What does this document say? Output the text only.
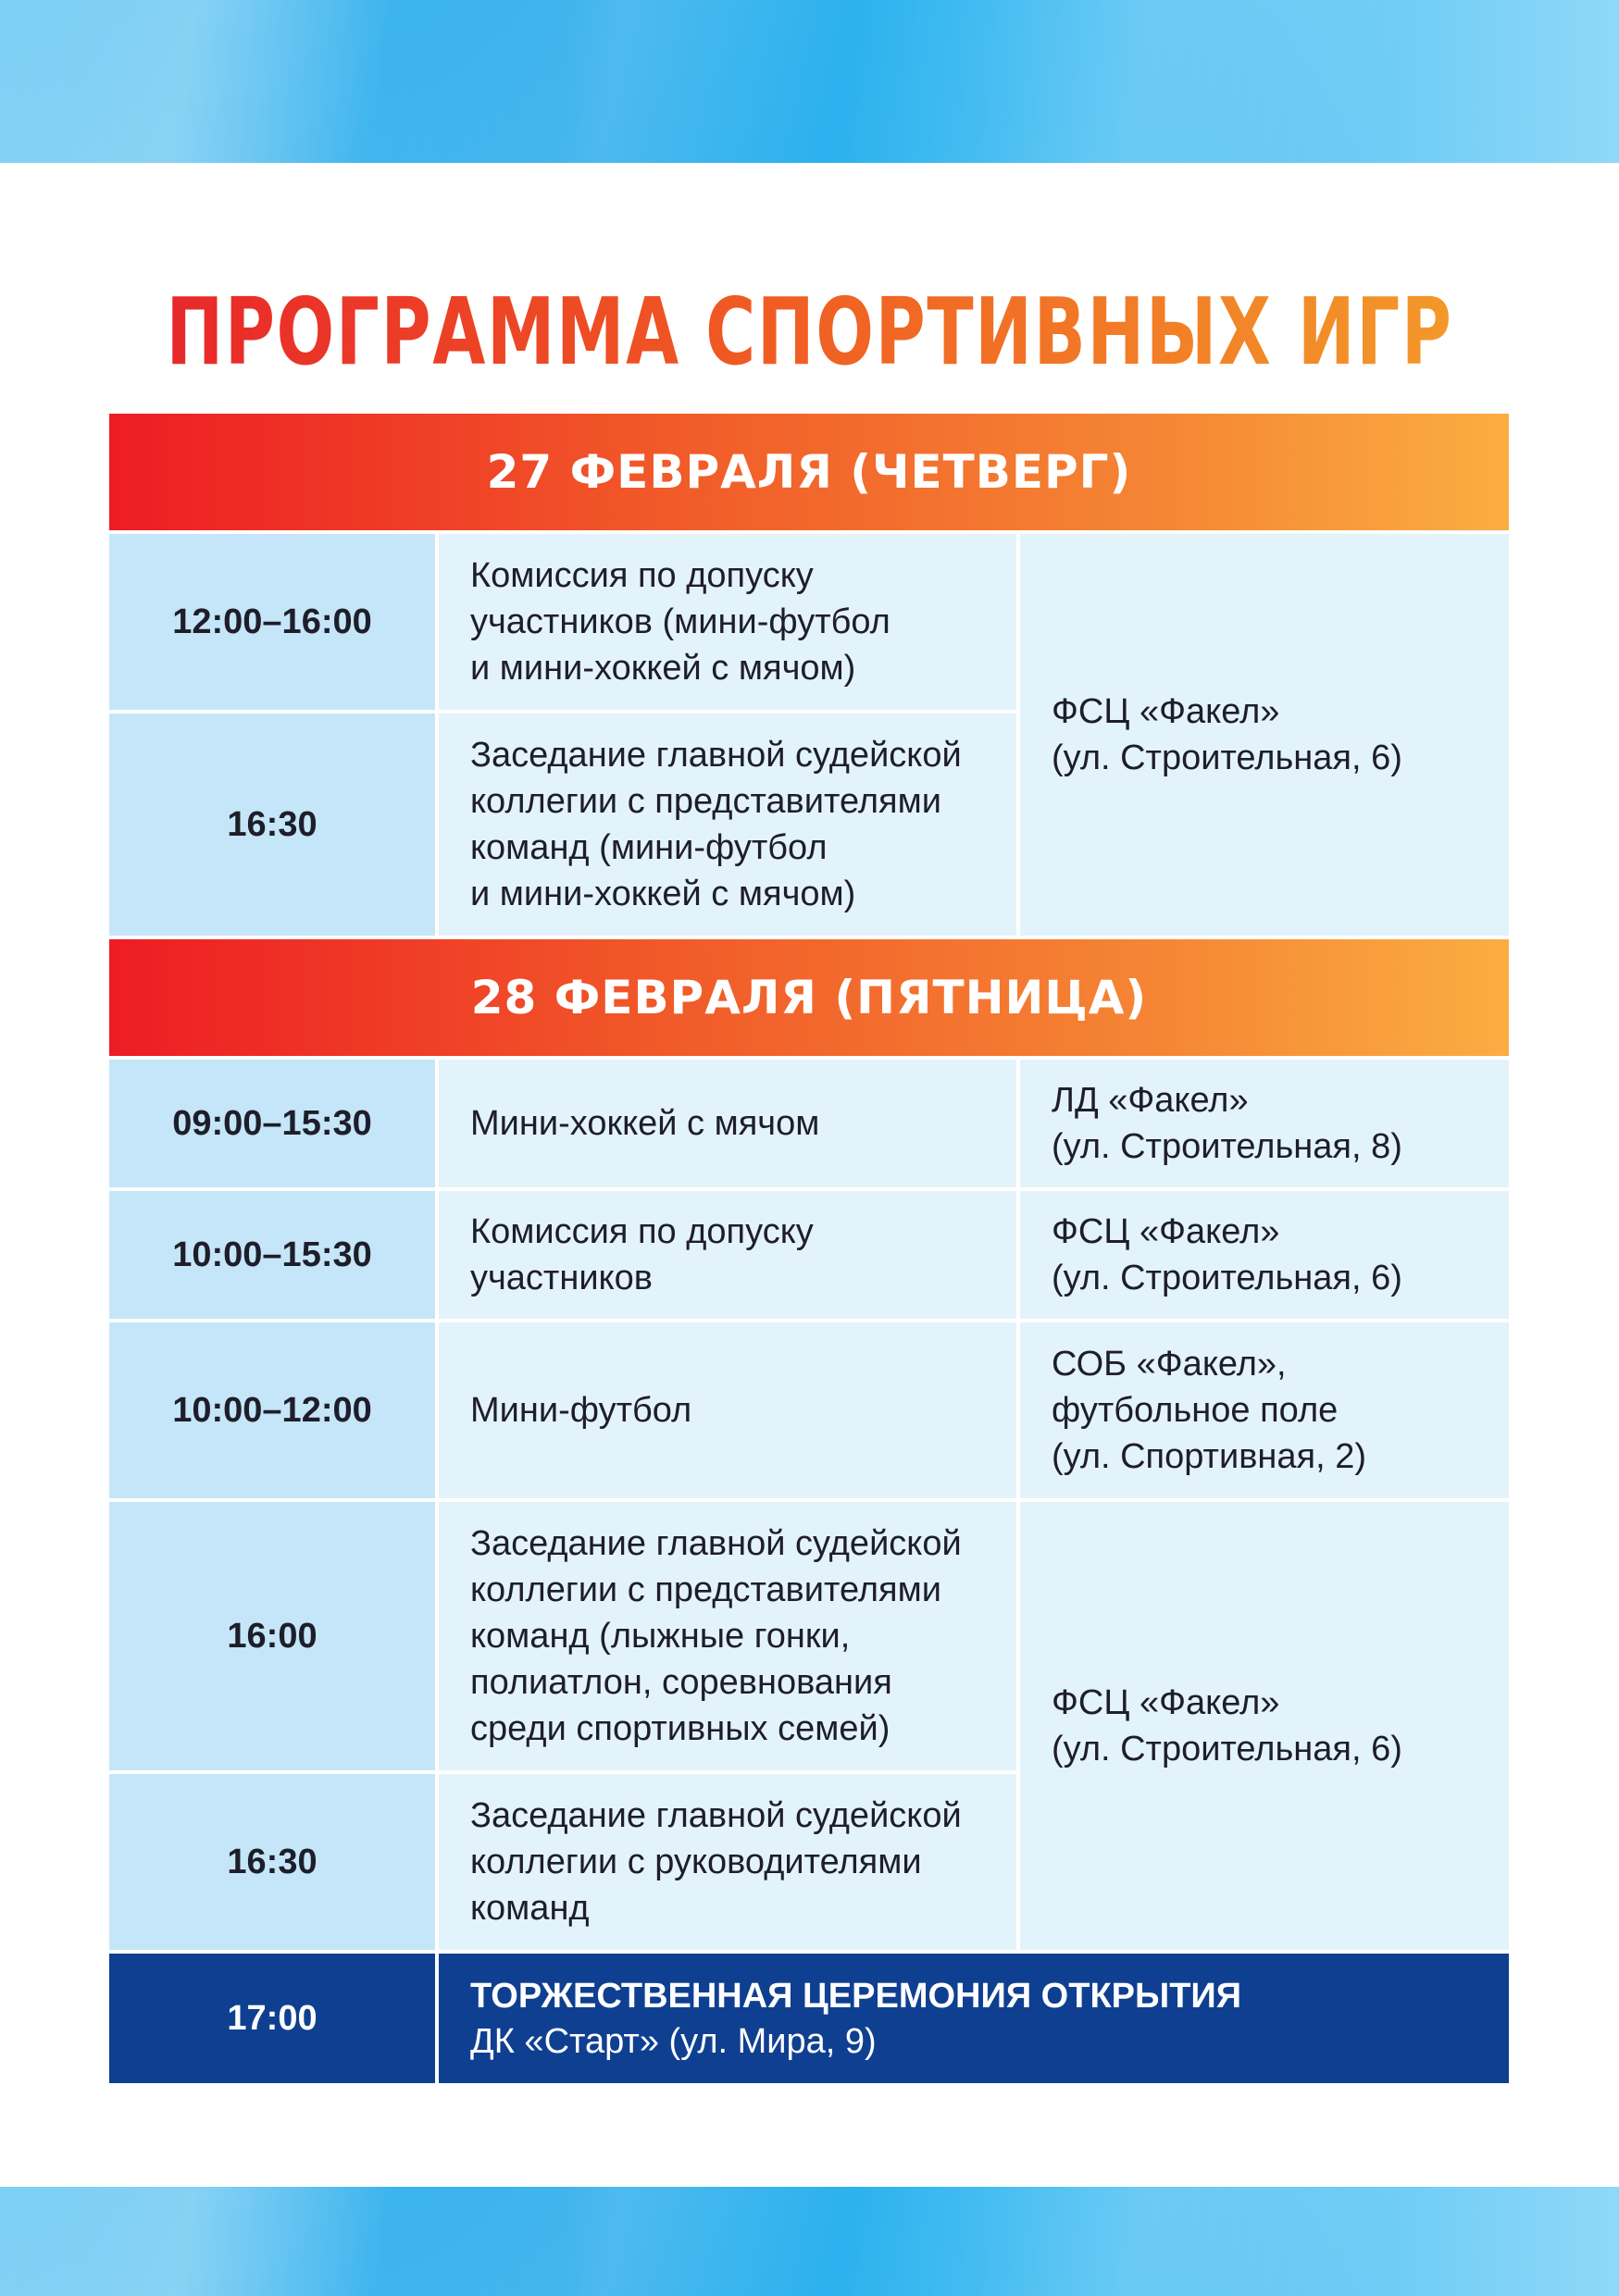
ПРОГРАММА СПОРТИВНЫХ ИГР
27 ФЕВРАЛЯ (ЧЕТВЕРГ)
12:00–16:00
Комиссия по допуску
участников (мини-футбол
и мини-хоккей с мячом)
16:30
Заседание главной судейской
коллегии с представителями
команд (мини-футбол
и мини-хоккей с мячом)
ФСЦ «Факел»
(ул. Строительная, 6)
28 ФЕВРАЛЯ (ПЯТНИЦА)
09:00–15:30	Мини-хоккей с мячом
ЛД «Факел»
(ул. Строительная, 8)
10:00–15:30
Комиссия по допуску
участников
ФСЦ «Факел»
(ул. Строительная, 6)
10:00–12:00	Мини-футбол
СОБ «Факел»,
футбольное поле
(ул. Спортивная, 2)
16:00
Заседание главной судейской
коллегии с представителями
команд (лыжные гонки,
полиатлон, соревнования
среди спортивных семей)
16:30
Заседание главной судейской
коллегии с руководителями
команд
ФСЦ «Факел»
(ул. Строительная, 6)
17:00
ТОРЖЕСТВЕННАЯ ЦЕРЕМОНИЯ ОТКРЫТИЯ
ДК «Старт» (ул. Мира, 9)
